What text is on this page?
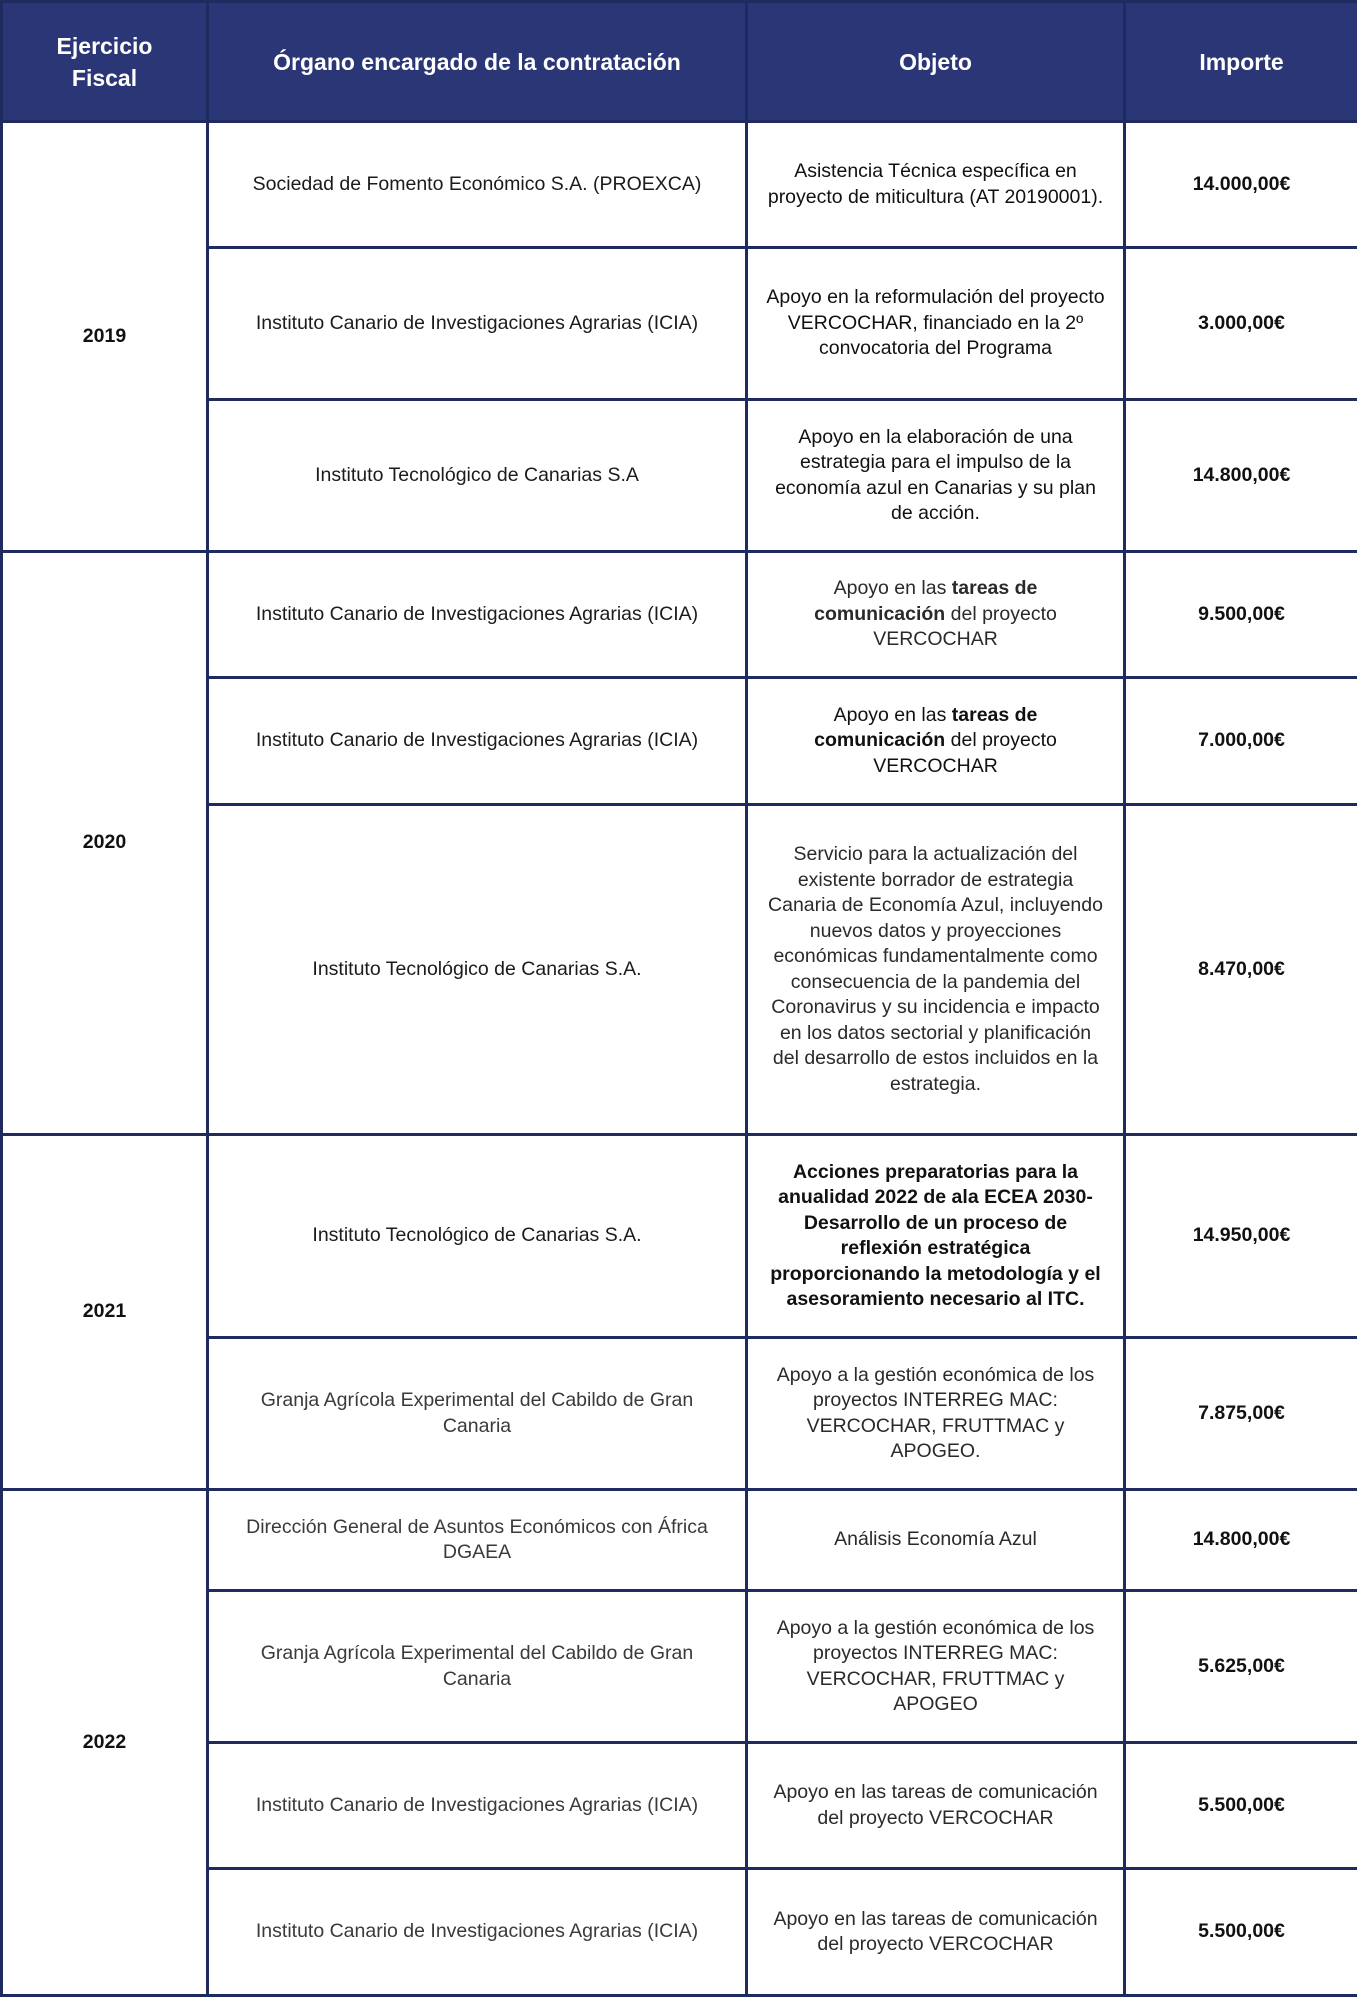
Ejercicio Fiscal	Órgano encargado de la contratación	Objeto	Importe
2019	Sociedad de Fomento Económico S.A. (PROEXCA)	Asistencia Técnica específica en proyecto de miticultura (AT 20190001).	14.000,00€
	Instituto Canario de Investigaciones Agrarias (ICIA)	Apoyo en la reformulación del proyecto VERCOCHAR, financiado en la 2º convocatoria del Programa	3.000,00€
	Instituto Tecnológico de Canarias S.A	Apoyo en la elaboración de una estrategia para el impulso de la economía azul en Canarias y su plan de acción.	14.800,00€
2020	Instituto Canario de Investigaciones Agrarias (ICIA)	Apoyo en las tareas de comunicación del proyecto VERCOCHAR	9.500,00€
	Instituto Canario de Investigaciones Agrarias (ICIA)	Apoyo en las tareas de comunicación del proyecto VERCOCHAR	7.000,00€
	Instituto Tecnológico de Canarias S.A.	Servicio para la actualización del existente borrador de estrategia Canaria de Economía Azul, incluyendo nuevos datos y proyecciones económicas fundamentalmente como consecuencia de la pandemia del Coronavirus y su incidencia e impacto en los datos sectorial y planificación del desarrollo de estos incluidos en la estrategia.	8.470,00€
2021	Instituto Tecnológico de Canarias S.A.	Acciones preparatorias para la anualidad 2022 de ala ECEA 2030- Desarrollo de un proceso de reflexión estratégica proporcionando la metodología y el asesoramiento necesario al ITC.	14.950,00€
	Granja Agrícola Experimental del Cabildo de Gran Canaria	Apoyo a la gestión económica de los proyectos INTERREG MAC: VERCOCHAR, FRUTTMAC y APOGEO.	7.875,00€
2022	Dirección General de Asuntos Económicos con África DGAEA	Análisis Economía Azul	14.800,00€
	Granja Agrícola Experimental del Cabildo de Gran Canaria	Apoyo a la gestión económica de los proyectos INTERREG MAC: VERCOCHAR, FRUTTMAC y APOGEO	5.625,00€
	Instituto Canario de Investigaciones Agrarias (ICIA)	Apoyo en las tareas de comunicación del proyecto VERCOCHAR	5.500,00€
	Instituto Canario de Investigaciones Agrarias (ICIA)	Apoyo en las tareas de comunicación del proyecto VERCOCHAR	5.500,00€
